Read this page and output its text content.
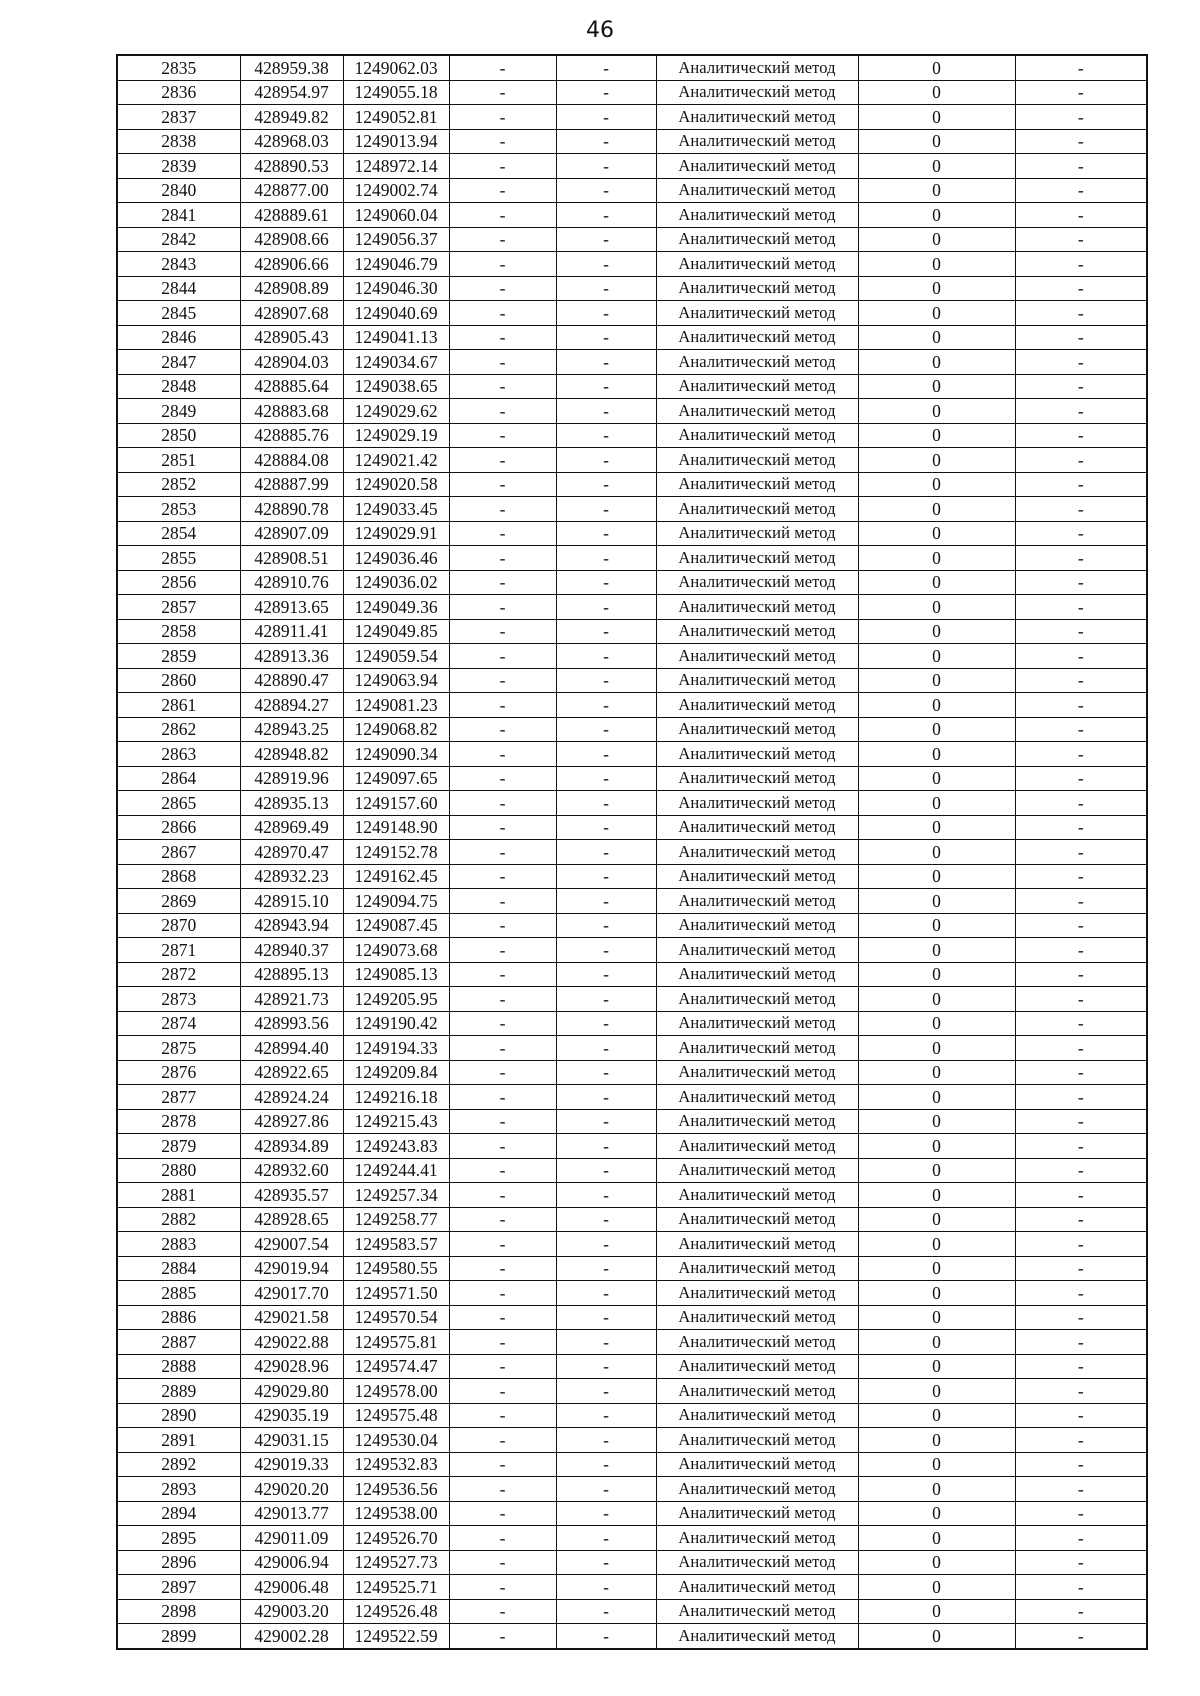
46
2835	428959.38	1249062.03	-	-	Аналитический метод	0	-
2836	428954.97	1249055.18	-	-	Аналитический метод	0	-
2837	428949.82	1249052.81	-	-	Аналитический метод	0	-
2838	428968.03	1249013.94	-	-	Аналитический метод	0	-
2839	428890.53	1248972.14	-	-	Аналитический метод	0	-
2840	428877.00	1249002.74	-	-	Аналитический метод	0	-
2841	428889.61	1249060.04	-	-	Аналитический метод	0	-
2842	428908.66	1249056.37	-	-	Аналитический метод	0	-
2843	428906.66	1249046.79	-	-	Аналитический метод	0	-
2844	428908.89	1249046.30	-	-	Аналитический метод	0	-
2845	428907.68	1249040.69	-	-	Аналитический метод	0	-
2846	428905.43	1249041.13	-	-	Аналитический метод	0	-
2847	428904.03	1249034.67	-	-	Аналитический метод	0	-
2848	428885.64	1249038.65	-	-	Аналитический метод	0	-
2849	428883.68	1249029.62	-	-	Аналитический метод	0	-
2850	428885.76	1249029.19	-	-	Аналитический метод	0	-
2851	428884.08	1249021.42	-	-	Аналитический метод	0	-
2852	428887.99	1249020.58	-	-	Аналитический метод	0	-
2853	428890.78	1249033.45	-	-	Аналитический метод	0	-
2854	428907.09	1249029.91	-	-	Аналитический метод	0	-
2855	428908.51	1249036.46	-	-	Аналитический метод	0	-
2856	428910.76	1249036.02	-	-	Аналитический метод	0	-
2857	428913.65	1249049.36	-	-	Аналитический метод	0	-
2858	428911.41	1249049.85	-	-	Аналитический метод	0	-
2859	428913.36	1249059.54	-	-	Аналитический метод	0	-
2860	428890.47	1249063.94	-	-	Аналитический метод	0	-
2861	428894.27	1249081.23	-	-	Аналитический метод	0	-
2862	428943.25	1249068.82	-	-	Аналитический метод	0	-
2863	428948.82	1249090.34	-	-	Аналитический метод	0	-
2864	428919.96	1249097.65	-	-	Аналитический метод	0	-
2865	428935.13	1249157.60	-	-	Аналитический метод	0	-
2866	428969.49	1249148.90	-	-	Аналитический метод	0	-
2867	428970.47	1249152.78	-	-	Аналитический метод	0	-
2868	428932.23	1249162.45	-	-	Аналитический метод	0	-
2869	428915.10	1249094.75	-	-	Аналитический метод	0	-
2870	428943.94	1249087.45	-	-	Аналитический метод	0	-
2871	428940.37	1249073.68	-	-	Аналитический метод	0	-
2872	428895.13	1249085.13	-	-	Аналитический метод	0	-
2873	428921.73	1249205.95	-	-	Аналитический метод	0	-
2874	428993.56	1249190.42	-	-	Аналитический метод	0	-
2875	428994.40	1249194.33	-	-	Аналитический метод	0	-
2876	428922.65	1249209.84	-	-	Аналитический метод	0	-
2877	428924.24	1249216.18	-	-	Аналитический метод	0	-
2878	428927.86	1249215.43	-	-	Аналитический метод	0	-
2879	428934.89	1249243.83	-	-	Аналитический метод	0	-
2880	428932.60	1249244.41	-	-	Аналитический метод	0	-
2881	428935.57	1249257.34	-	-	Аналитический метод	0	-
2882	428928.65	1249258.77	-	-	Аналитический метод	0	-
2883	429007.54	1249583.57	-	-	Аналитический метод	0	-
2884	429019.94	1249580.55	-	-	Аналитический метод	0	-
2885	429017.70	1249571.50	-	-	Аналитический метод	0	-
2886	429021.58	1249570.54	-	-	Аналитический метод	0	-
2887	429022.88	1249575.81	-	-	Аналитический метод	0	-
2888	429028.96	1249574.47	-	-	Аналитический метод	0	-
2889	429029.80	1249578.00	-	-	Аналитический метод	0	-
2890	429035.19	1249575.48	-	-	Аналитический метод	0	-
2891	429031.15	1249530.04	-	-	Аналитический метод	0	-
2892	429019.33	1249532.83	-	-	Аналитический метод	0	-
2893	429020.20	1249536.56	-	-	Аналитический метод	0	-
2894	429013.77	1249538.00	-	-	Аналитический метод	0	-
2895	429011.09	1249526.70	-	-	Аналитический метод	0	-
2896	429006.94	1249527.73	-	-	Аналитический метод	0	-
2897	429006.48	1249525.71	-	-	Аналитический метод	0	-
2898	429003.20	1249526.48	-	-	Аналитический метод	0	-
2899	429002.28	1249522.59	-	-	Аналитический метод	0	-
